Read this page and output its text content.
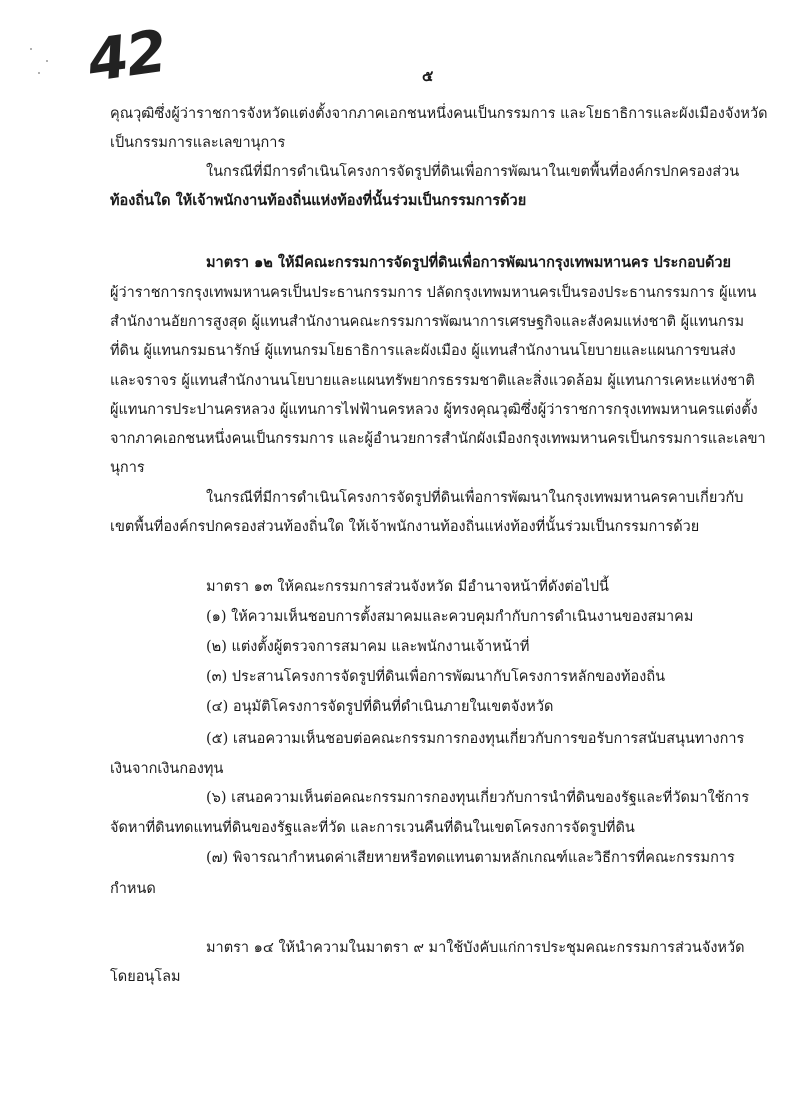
42	๕
คุณวุฒิซึ่งผู้ว่าราชการจังหวัดแต่งตั้งจากภาคเอกชนหนึ่งคนเป็นกรรมการ และโยธาธิการและผังเมืองจังหวัด
เป็นกรรมการและเลขานุการ
ในกรณีที่มีการดำเนินโครงการจัดรูปที่ดินเพื่อการพัฒนาในเขตพื้นที่องค์กรปกครองส่วน
ท้องถิ่นใด ให้เจ้าพนักงานท้องถิ่นแห่งท้องที่นั้นร่วมเป็นกรรมการด้วย
มาตรา ๑๒ ให้มีคณะกรรมการจัดรูปที่ดินเพื่อการพัฒนากรุงเทพมหานคร ประกอบด้วย
ผู้ว่าราชการกรุงเทพมหานครเป็นประธานกรรมการ ปลัดกรุงเทพมหานครเป็นรองประธานกรรมการ ผู้แทน
สำนักงานอัยการสูงสุด ผู้แทนสำนักงานคณะกรรมการพัฒนาการเศรษฐกิจและสังคมแห่งชาติ ผู้แทนกรม
ที่ดิน ผู้แทนกรมธนารักษ์ ผู้แทนกรมโยธาธิการและผังเมือง ผู้แทนสำนักงานนโยบายและแผนการขนส่ง
และจราจร ผู้แทนสำนักงานนโยบายและแผนทรัพยากรธรรมชาติและสิ่งแวดล้อม ผู้แทนการเคหะแห่งชาติ
ผู้แทนการประปานครหลวง ผู้แทนการไฟฟ้านครหลวง ผู้ทรงคุณวุฒิซึ่งผู้ว่าราชการกรุงเทพมหานครแต่งตั้ง
จากภาคเอกชนหนึ่งคนเป็นกรรมการ และผู้อำนวยการสำนักผังเมืองกรุงเทพมหานครเป็นกรรมการและเลขา
นุการ
ในกรณีที่มีการดำเนินโครงการจัดรูปที่ดินเพื่อการพัฒนาในกรุงเทพมหานครคาบเกี่ยวกับ
เขตพื้นที่องค์กรปกครองส่วนท้องถิ่นใด ให้เจ้าพนักงานท้องถิ่นแห่งท้องที่นั้นร่วมเป็นกรรมการด้วย
มาตรา ๑๓ ให้คณะกรรมการส่วนจังหวัด มีอำนาจหน้าที่ดังต่อไปนี้
(๑) ให้ความเห็นชอบการตั้งสมาคมและควบคุมกำกับการดำเนินงานของสมาคม
(๒) แต่งตั้งผู้ตรวจการสมาคม และพนักงานเจ้าหน้าที่
(๓) ประสานโครงการจัดรูปที่ดินเพื่อการพัฒนากับโครงการหลักของท้องถิ่น
(๔) อนุมัติโครงการจัดรูปที่ดินที่ดำเนินภายในเขตจังหวัด
(๕) เสนอความเห็นชอบต่อคณะกรรมการกองทุนเกี่ยวกับการขอรับการสนับสนุนทางการ
เงินจากเงินกองทุน
(๖) เสนอความเห็นต่อคณะกรรมการกองทุนเกี่ยวกับการนำที่ดินของรัฐและที่วัดมาใช้การ
จัดหาที่ดินทดแทนที่ดินของรัฐและที่วัด และการเวนคืนที่ดินในเขตโครงการจัดรูปที่ดิน
(๗) พิจารณากำหนดค่าเสียหายหรือทดแทนตามหลักเกณฑ์และวิธีการที่คณะกรรมการ
กำหนด
มาตรา ๑๔ ให้นำความในมาตรา ๙ มาใช้บังคับแก่การประชุมคณะกรรมการส่วนจังหวัด
โดยอนุโลม
